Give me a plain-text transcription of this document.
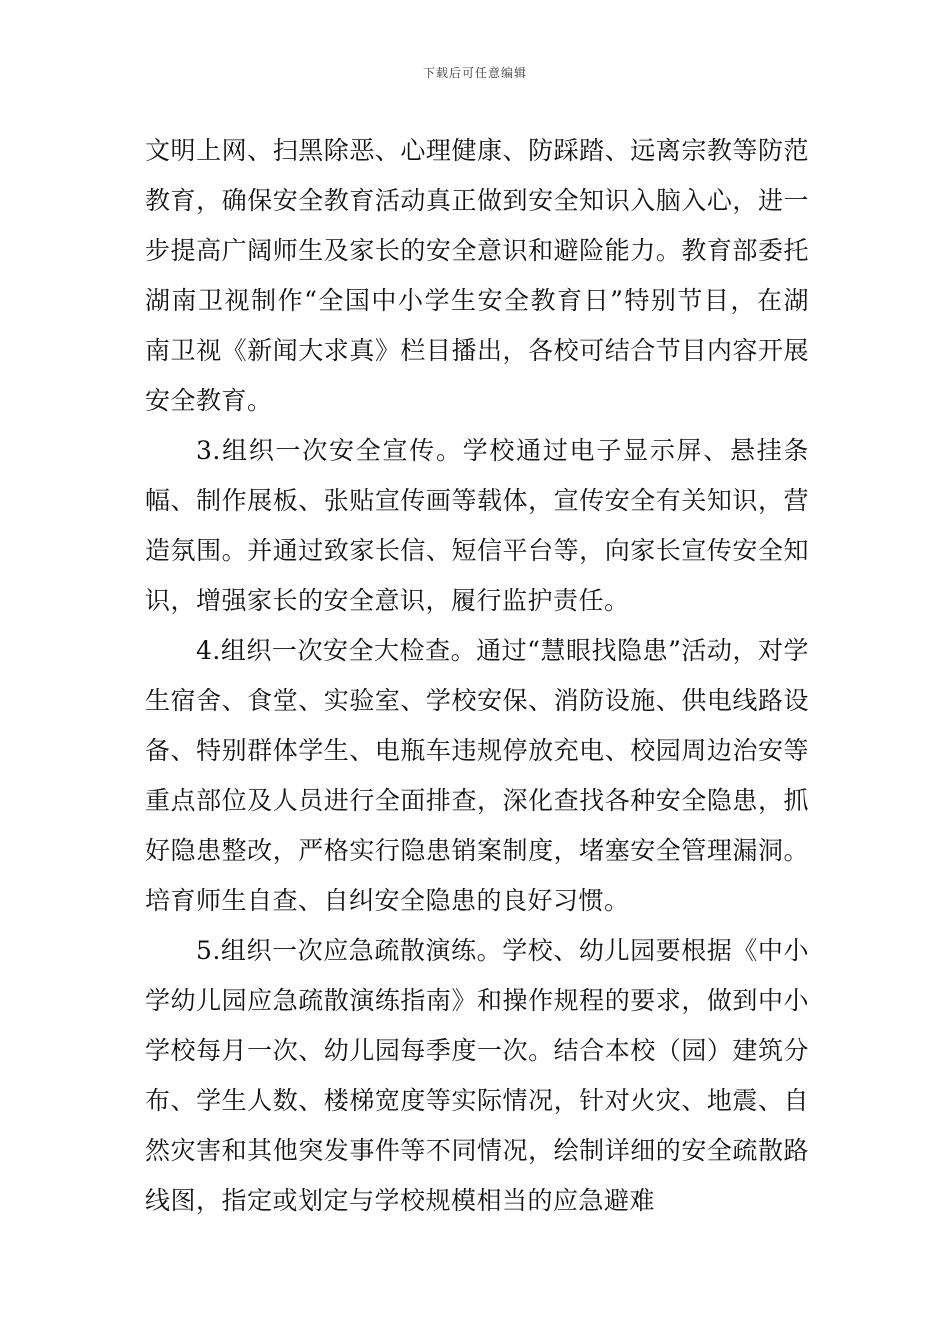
下载后可任意编辑

文明上网、扫黑除恶、心理健康、防踩踏、远离宗教等防范教育，确保安全教育活动真正做到安全知识入脑入心，进一步提高广阔师生及家长的安全意识和避险能力。教育部委托湖南卫视制作“全国中小学生安全教育日”特别节目，在湖南卫视《新闻大求真》栏目播出，各校可结合节目内容开展安全教育。

3.组织一次安全宣传。学校通过电子显示屏、悬挂条幅、制作展板、张贴宣传画等载体，宣传安全有关知识，营造氛围。并通过致家长信、短信平台等，向家长宣传安全知识，增强家长的安全意识，履行监护责任。

4.组织一次安全大检查。通过“慧眼找隐患”活动，对学生宿舍、食堂、实验室、学校安保、消防设施、供电线路设备、特别群体学生、电瓶车违规停放充电、校园周边治安等重点部位及人员进行全面排查，深化查找各种安全隐患，抓好隐患整改，严格实行隐患销案制度，堵塞安全管理漏洞。培育师生自查、自纠安全隐患的良好习惯。

5.组织一次应急疏散演练。学校、幼儿园要根据《中小学幼儿园应急疏散演练指南》和操作规程的要求，做到中小学校每月一次、幼儿园每季度一次。结合本校（园）建筑分布、学生人数、楼梯宽度等实际情况，针对火灾、地震、自然灾害和其他突发事件等不同情况，绘制详细的安全疏散路线图，指定或划定与学校规模相当的应急避难
